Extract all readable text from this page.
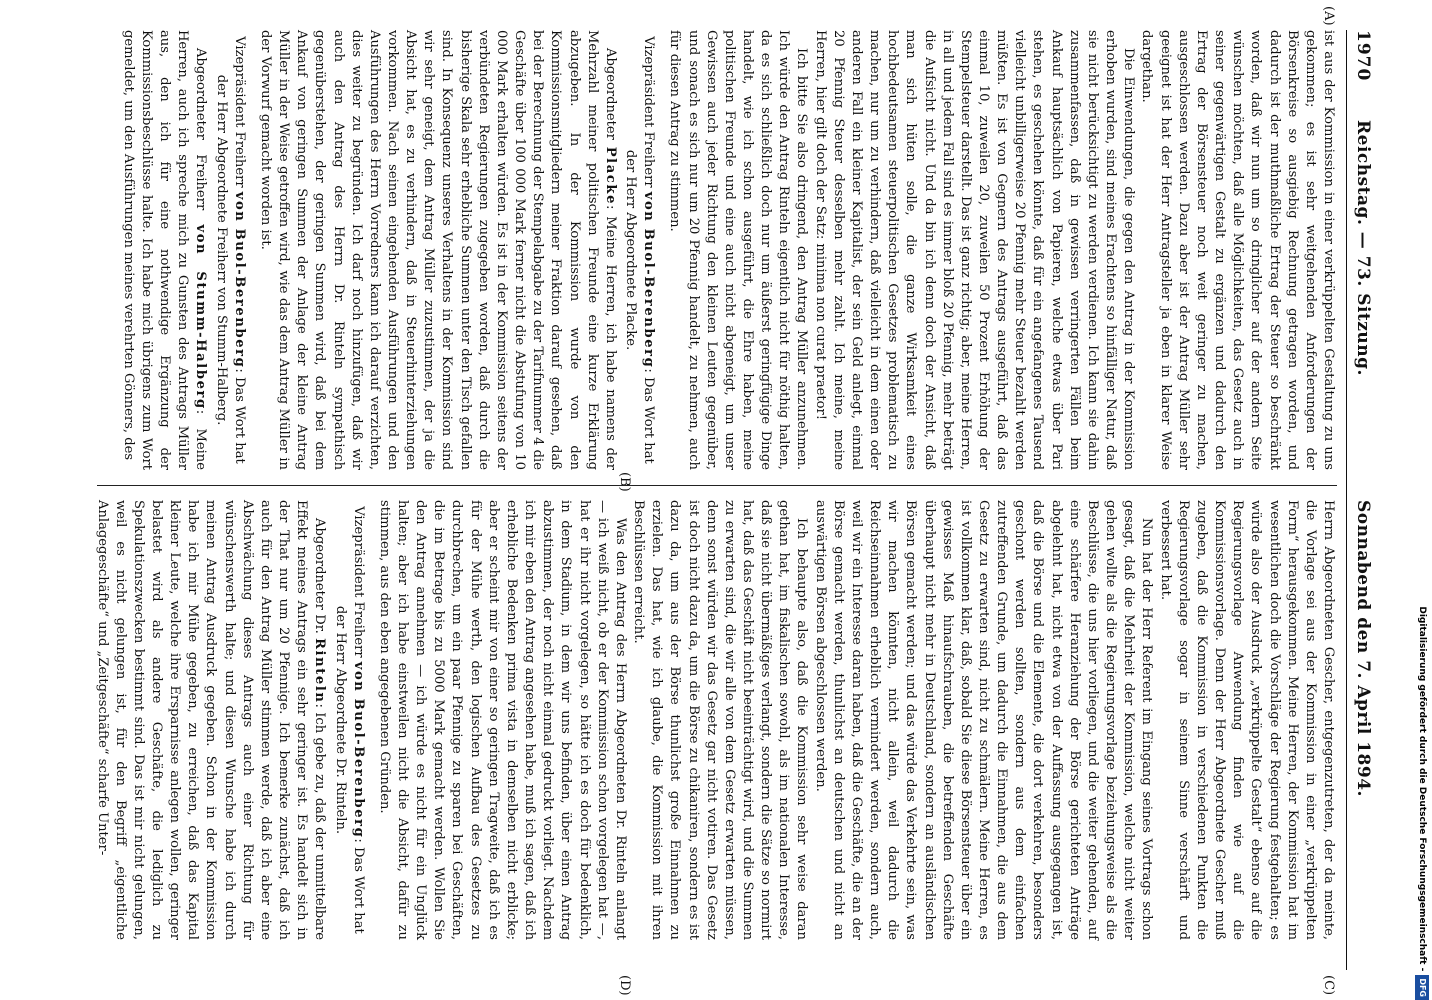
1970
Reichstag. — 73. Sitzung.
Sonnabend den 7. April 1894.
(A)
(B)
(C)
(D)

ist aus der Kommission in einer verkrüppelten Gestaltung zu uns gekommen; es ist sehr weitgehenden Anforderungen der Börsenkreise so ausgiebig Rechnung getragen worden, und dadurch ist der muthmaßliche Ertrag der Steuer so beschränkt worden, daß wir nun um so dringlicher auf der andern Seite wünschen möchten, daß alle Möglichkeiten, das Gesetz auch in seiner gegenwärtigen Gestalt zu ergänzen und dadurch den Ertrag der Börsensteuer noch weit geringer zu machen, ausgeschlossen werden. Dazu aber ist der Antrag Müller sehr geeignet ist hat der Herr Antragsteller ja eben in klarer Weise dargethan.

Die Einwendungen, die gegen den Antrag in der Kommission erhoben wurden, sind meines Erachtens so hinfälliger Natur, daß sie nicht berücksichtigt zu werden verdienen. Ich kann sie dahin zusammenfassen, daß in gewissen verringerten Fällen beim Ankauf hauptsächlich von Papieren, welche etwas über Pari stehen, es geschehen könnte, daß für ein angefangenes Tausend vielleicht unbilligerweise 20 Pfennig mehr Steuer bezahlt werden müßten. Es ist von Gegnern des Antrags ausgeführt, daß das einmal 10, zuweilen 20, zuweilen 50 Prozent Erhöhung der Stempelsteuer darstellt. Das ist ganz richtig; aber, meine Herren, in all und jedem Fall sind es immer bloß 20 Pfennig, mehr beträgt die Aufsicht nicht. Und da bin ich denn doch der Ansicht, daß man sich hüten solle, die ganze Wirksamkeit eines hochbedeutsamen steuerpolitischen Gesetzes problematisch zu machen, nur um zu verhindern, daß vielleicht in dem einen oder anderen Fall ein kleiner Kapitalist, der sein Geld anlegt, einmal 20 Pfennig Steuer desselben mehr zahlt. Ich meine, meine Herren, hier gilt doch der Satz: minima non curat praetor!

Ich bitte Sie also dringend, den Antrag Müller anzunehmen. Ich würde den Antrag Rinteln eigentlich nicht für nöthig halten, da es sich schließlich doch nur um äußerst geringfügige Dinge handelt, wie ich schon ausgeführt, die Ehre haben, meine politischen Freunde und eine auch nicht abgeneigt, um unser Gewissen auch jeder Richtung den kleinen Leuten gegenüber, und sonach es sich nur um 20 Pfennig handelt, zu nehmen, auch für diesen Antrag zu stimmen.

Vizepräsident Freiherr von Buol-Berenberg: Das Wort hat der Herr Abgeordnete Placke.

Abgeordneter Placke: Meine Herren, ich habe namens der Mehrzahl meiner politischen Freunde eine kurze Erklärung abzugeben. In der Kommission wurde von den Kommissionsmitgliedern meiner Fraktion darauf gesehen, daß bei der Berechnung der Stempelabgabe zu der Tarifnummer 4 die Geschäfte über 100 000 Mark ferner nicht die Abstufung von 10 000 Mark erhalten würden. Es ist in der Kommission seitens der verbündeten Regierungen zugegeben worden, daß durch die bisherige Skala sehr erhebliche Summen unter den Tisch gefallen sind. In Konsequenz unseres Verhaltens in der Kommission sind wir sehr geneigt, dem Antrag Müller zuzustimmen, der ja die Absicht hat, es zu verhindern, daß in Steuerhinterziehungen vorkommen. Nach seinen eingehenden Ausführungen und den Ausführungen des Herrn Vorredners kann ich darauf verzichten, dies weiter zu begründen. Ich darf noch hinzufügen, daß wir auch den Antrag des Herrn Dr. Rinteln sympathisch gegenüberstehen, der geringen Summen wird, daß bei dem Ankauf von geringen Summen der Anlage der kleine Antrag Müller in der Weise getroffen wird, wie das dem Antrag Müller in der Vorwurf gemacht worden ist.

Vizepräsident Freiherr von Buol-Berenberg: Das Wort hat der Herr Abgeordnete Freiherr von Stumm-Halberg.

Abgeordneter Freiherr von Stumm-Halberg: Meine Herren, auch ich spreche mich zu Gunsten des Antrags Müller aus, den ich für eine nothwendige Ergänzung der Kommissionsbeschlüsse halte. Ich habe mich übrigens zum Wort gemeldet, um den Ausführungen meines verehrten Gönners, des

Herrn Abgeordneten Gescher, entgegenzutreten, der da meinte, die Vorlage sei aus der Kommission in einer „verkrüppelten Form“ herausgekommen. Meine Herren, der Kommission hat im wesentlichen doch die Vorschläge der Regierung festgehalten; es würde also der Ausdruck „verkrüppelte Gestalt“ ebenso auf die Regierungsvorlage Anwendung finden wie auf die Kommissionsvorlage. Denn der Herr Abgeordnete Gescher muß zugeben, daß die Kommission in verschiedenen Punkten die Regierungsvorlage sogar in seinem Sinne verschärft und verbessert hat.

Nun hat der Herr Referent im Eingang seines Vortrags schon gesagt, daß die Mehrheit der Kommission, welche nicht weiter gehen wollte als die Regierungsvorlage beziehungsweise als die Beschlüsse, die uns hier vorliegen, und die weiter gehenden, auf eine schärfere Heranziehung der Börse gerichteten Anträge abgelehnt hat, nicht etwa von der Auffassung ausgegangen ist, daß die Börse und die Elemente, die dort verkehren, besonders geschont werden sollten, sondern aus dem einfachen zutreffenden Grunde, um dadurch die Einnahmen, die aus dem Gesetz zu erwarten sind, nicht zu schmälern. Meine Herren, es ist vollkommen klar, daß, sobald Sie diese Börsensteuer über ein gewisses Maß hinaufschrauben, die betreffenden Geschäfte überhaupt nicht mehr in Deutschland, sondern an ausländischen Börsen gemacht werden; und das würde das Verkehrte sein, was wir machen könnten, nicht allein, weil dadurch die Reichseinnahmen erheblich vermindert werden, sondern auch, weil wir ein Interesse daran haben, daß die Geschäfte, die an der Börse gemacht werden, thunlichst an deutschen und nicht an auswärtigen Börsen abgeschlossen werden.

Ich behaupte also, daß die Kommission sehr weise daran gethan hat, im fiskalischen sowohl, als im nationalen Interesse, daß sie nicht übermäßiges verlangt, sondern die Sätze so normirt hat, daß das Geschäft nicht beeinträchtigt wird, und die Summen zu erwarten sind, die wir alle von dem Gesetz erwarten müssen, denn sonst würden wir das Gesetz gar nicht votiren. Das Gesetz ist doch nicht dazu da, um die Börse zu chikaniren, sondern es ist dazu da, um aus der Börse thunlichst große Einnahmen zu erzielen. Das hat, wie ich glaube, die Kommission mit ihren Beschlüssen erreicht.

Was den Antrag des Herrn Abgeordneten Dr. Rinteln anlangt — ich weiß nicht, ob er der Kommission schon vorgelegen hat —, hat er ihr nicht vorgelegen, so hätte ich es doch für bedenklich, in dem Stadium, in dem wir uns befinden, über einen Antrag abzustimmen, der noch nicht einmal gedruckt vorliegt. Nachdem ich mir eben den Antrag angesehen habe, muß ich sagen, daß ich erhebliche Bedenken prima vista in demselben nicht erblicke; aber er scheint mir von einer so geringen Tragweite, daß ich es für der Mühe werth, den logischen Aufbau des Gesetzes zu durchbrechen, um ein paar Pfennige zu sparen bei Geschäften, die im Betrage bis zu 5000 Mark gemacht werden. Wollen Sie den Antrag annehmen — ich würde es nicht für ein Unglück halten; aber ich habe einstweilen nicht die Absicht, dafür zu stimmen, aus den eben angegebenen Gründen.

Vizepräsident Freiherr von Buol-Berenberg: Das Wort hat der Herr Abgeordnete Dr. Rinteln.

Abgeordneter Dr. Rinteln: Ich gebe zu, daß der unmittelbare Effekt meines Antrags ein sehr geringer ist. Es handelt sich in der That nur um 20 Pfennige. Ich bemerke zunächst, daß ich auch für den Antrag Müller stimmen werde, daß ich aber eine Abschwächung dieses Antrags auch einer Richtung für wünschenswerth halte; und diesen Wunsche habe ich durch meinen Antrag Ausdruck gegeben. Schon in der Kommission habe ich mir Mühe gegeben, zu erreichen, daß das Kapital kleiner Leute, welche ihre Ersparnisse anlegen wollen, geringer belastet wird als andere Geschäfte, die lediglich zu Spekulationszwecken bestimmt sind. Das ist mir nicht gelungen, weil es nicht gelungen ist, für den Begriff „eigentliche Anlagegeschäfte“ und „Zeitgeschäfte“ scharfe Unter-	Digitalisierung gefördert durch die Deutsche Forschungsgemeinschaft -DFG
